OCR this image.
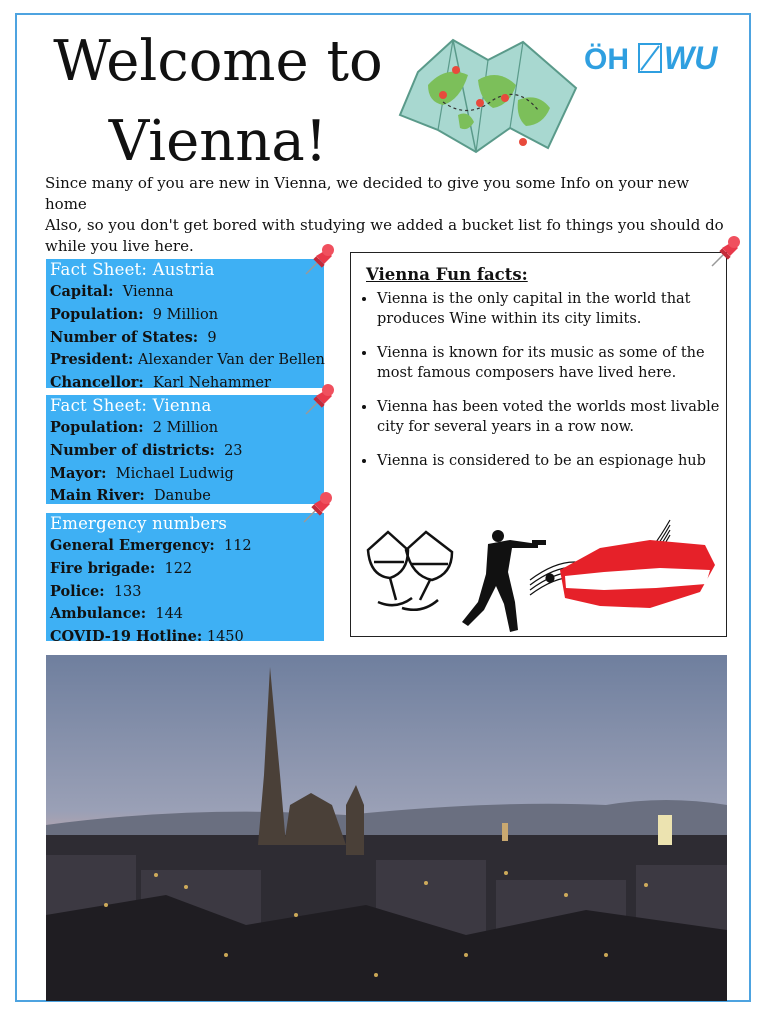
Welcome to
Vienna!
ÖH WU

Since many of you are new in Vienna, we decided to give you some Info on your new home
Also, so you don't get bored with studying we added a bucket list fo things you should do
while you live here.

Fact Sheet: Austria
Capital: Vienna
Population: 9 Million
Number of States: 9
President: Alexander Van der Bellen
Chancellor: Karl Nehammer
Fact Sheet: Vienna
Population: 2 Million
Number of districts: 23
Mayor: Michael Ludwig
Main River: Danube
Emergency numbers
General Emergency: 112
Fire brigade: 122
Police: 133
Ambulance: 144
COVID-19 Hotline: 1450

Vienna Fun facts:

• Vienna is the only capital in the world that produces Wine within its city limits.
• Vienna is known for its music as some of the most famous composers have lived here.
• Vienna has been voted the worlds most livable city for several years in a row now.
• Vienna is considered to be an espionage hub
